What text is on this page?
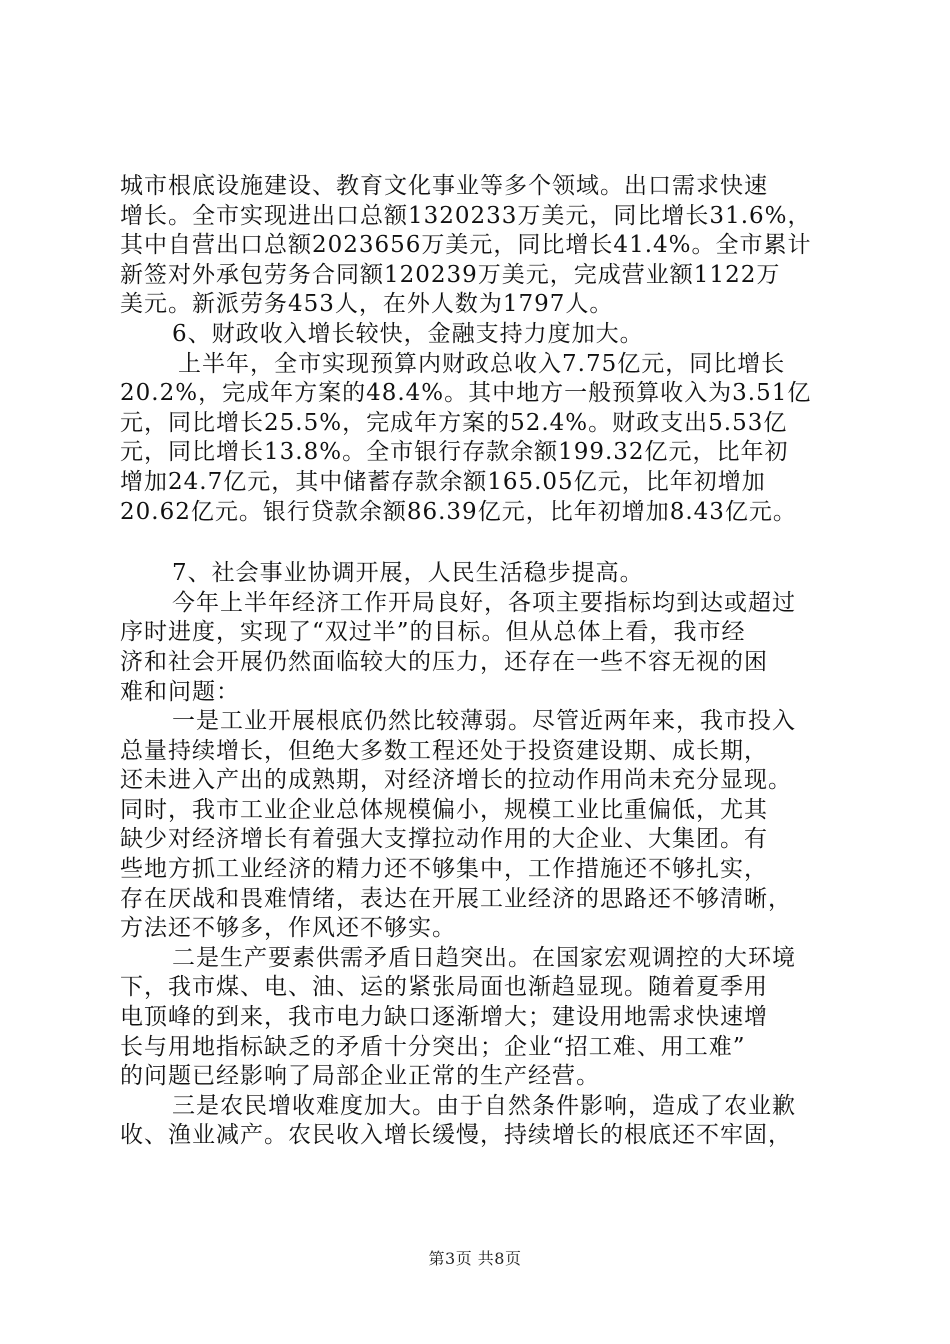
城市根底设施建设、教育文化事业等多个领域。出口需求快速
增长。全市实现进出口总额1320233万美元，同比增长31.6%，
其中自营出口总额2023656万美元，同比增长41.4%。全市累计
新签对外承包劳务合同额120239万美元，完成营业额1122万
美元。新派劳务453人，在外人数为1797人。
6、财政收入增长较快，金融支持力度加大。
上半年，全市实现预算内财政总收入7.75亿元，同比增长
20.2%，完成年方案的48.4%。其中地方一般预算收入为3.51亿
元，同比增长25.5%，完成年方案的52.4%。财政支出5.53亿
元，同比增长13.8%。全市银行存款余额199.32亿元，比年初
增加24.7亿元，其中储蓄存款余额165.05亿元，比年初增加
20.62亿元。银行贷款余额86.39亿元，比年初增加8.43亿元。
7、社会事业协调开展，人民生活稳步提高。
今年上半年经济工作开局良好，各项主要指标均到达或超过
序时进度，实现了“双过半”的目标。但从总体上看，我市经
济和社会开展仍然面临较大的压力，还存在一些不容无视的困
难和问题：
一是工业开展根底仍然比较薄弱。尽管近两年来，我市投入
总量持续增长，但绝大多数工程还处于投资建设期、成长期，
还未进入产出的成熟期，对经济增长的拉动作用尚未充分显现。
同时，我市工业企业总体规模偏小，规模工业比重偏低，尤其
缺少对经济增长有着强大支撑拉动作用的大企业、大集团。有
些地方抓工业经济的精力还不够集中，工作措施还不够扎实，
存在厌战和畏难情绪，表达在开展工业经济的思路还不够清晰，
方法还不够多，作风还不够实。
二是生产要素供需矛盾日趋突出。在国家宏观调控的大环境
下，我市煤、电、油、运的紧张局面也渐趋显现。随着夏季用
电顶峰的到来，我市电力缺口逐渐增大；建设用地需求快速增
长与用地指标缺乏的矛盾十分突出；企业“招工难、用工难”
的问题已经影响了局部企业正常的生产经营。
三是农民增收难度加大。由于自然条件影响，造成了农业歉
收、渔业减产。农民收入增长缓慢，持续增长的根底还不牢固，
第3页 共8页
